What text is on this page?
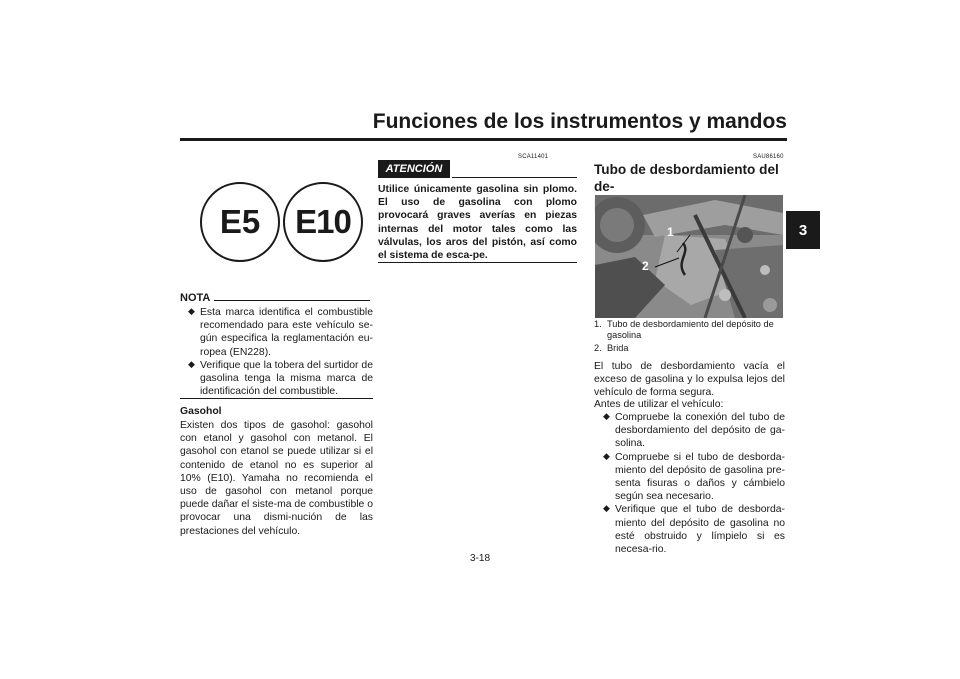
Funciones de los instrumentos y mandos
3
E5	E10
NOTA
◆ Esta marca identifica el combustible recomendado para este vehículo se-gún especifica la reglamentación eu-ropea (EN228).
◆ Verifique que la tobera del surtidor de gasolina tenga la misma marca de identificación del combustible.
Gasohol
Existen dos tipos de gasohol: gasohol con etanol y gasohol con metanol. El gasohol con etanol se puede utilizar si el contenido de etanol no es superior al 10% (E10). Yamaha no recomienda el uso de gasohol con metanol porque puede dañar el siste-ma de combustible o provocar una dismi-nución de las prestaciones del vehículo.
SCA11401
ATENCIÓN
Utilice únicamente gasolina sin plomo. El uso de gasolina con plomo provocará graves averías en piezas internas del motor tales como las válvulas, los aros del pistón, así como el sistema de esca-pe.
SAU86160
Tubo de desbordamiento del de-
1
2
1. Tubo de desbordamiento del depósito de gasolina
2. Brida
El tubo de desbordamiento vacía el exceso de gasolina y lo expulsa lejos del vehículo de forma segura.
Antes de utilizar el vehículo:
◆ Compruebe la conexión del tubo de desbordamiento del depósito de ga-solina.
◆ Compruebe si el tubo de desborda-miento del depósito de gasolina pre-senta fisuras o daños y cámbielo según sea necesario.
◆ Verifique que el tubo de desborda-miento del depósito de gasolina no esté obstruido y límpielo si es necesa-rio.
3-18
